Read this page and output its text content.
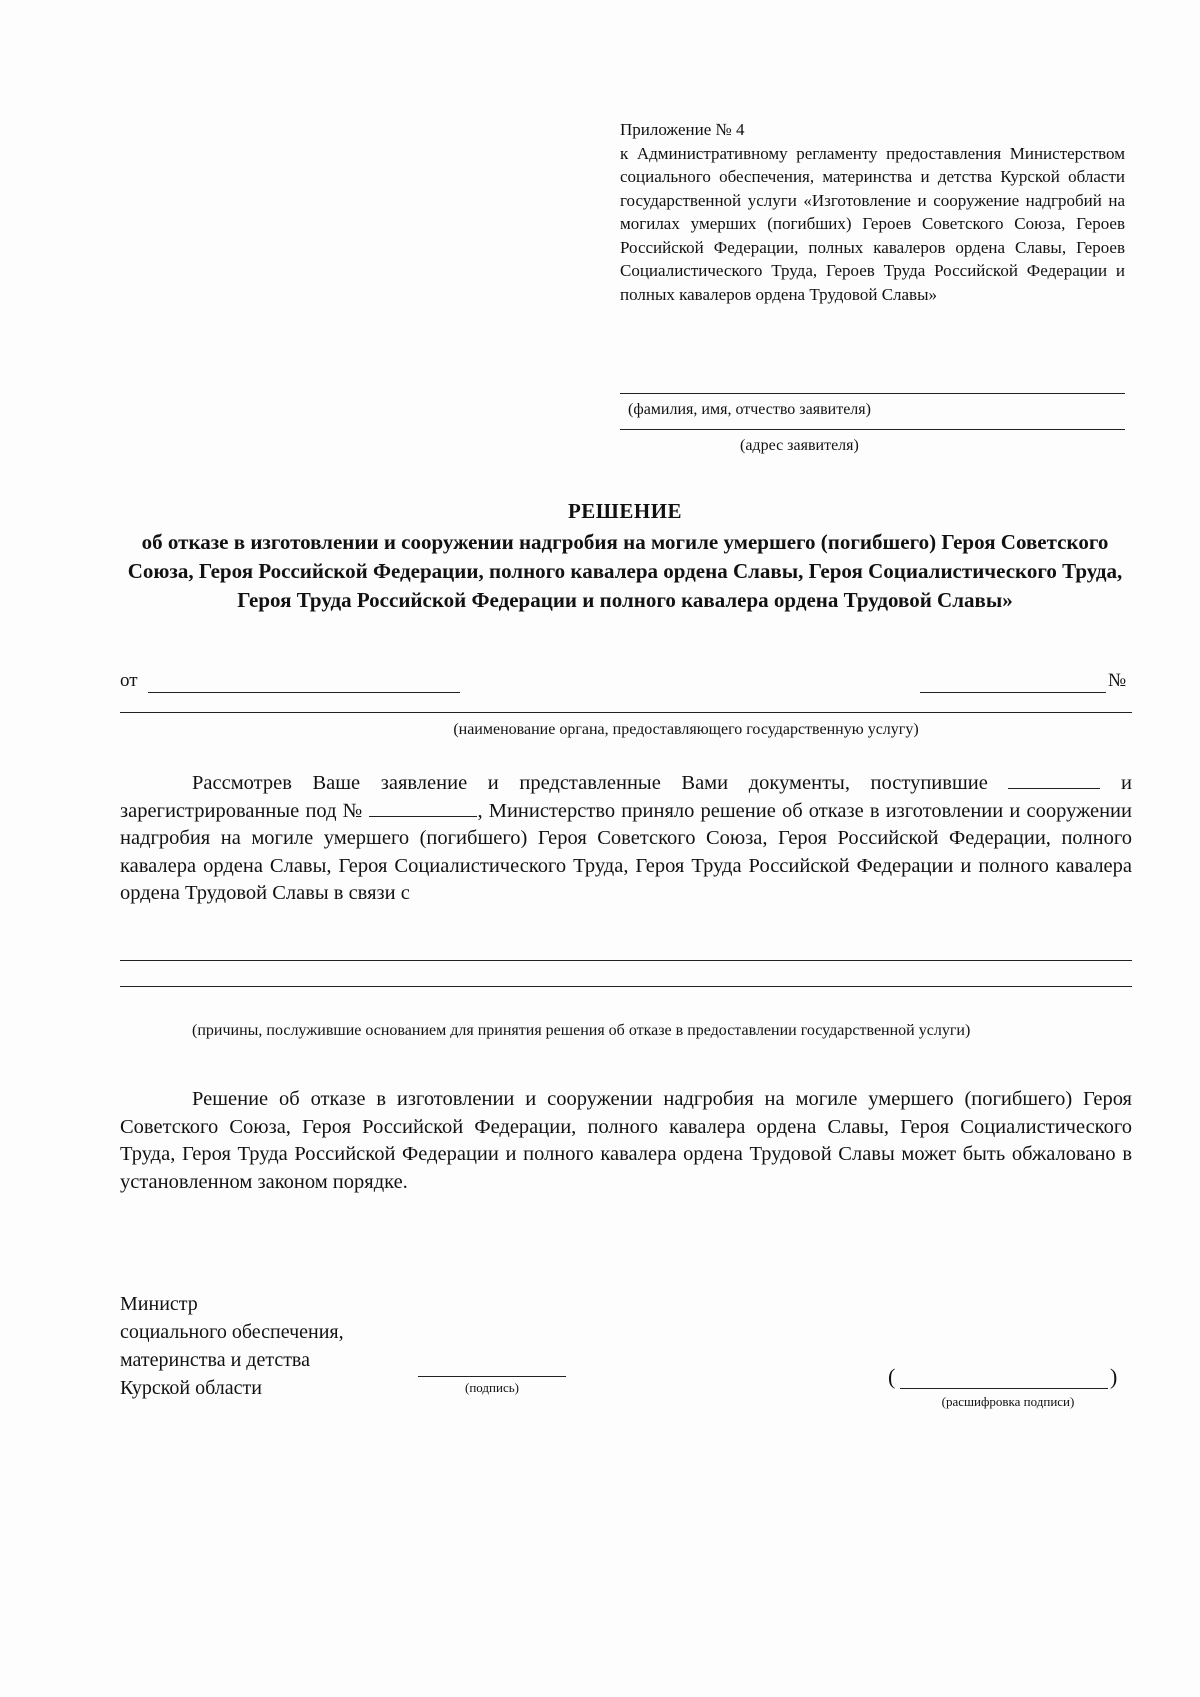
Приложение № 4
к Административному регламенту предоставления Министерством социального обеспечения, материнства и детства Курской области государственной услуги «Изготовление и сооружение надгробий на могилах умерших (погибших) Героев Советского Союза, Героев Российской Федерации, полных кавалеров ордена Славы, Героев Социалистического Труда, Героев Труда Российской Федерации и полных кавалеров ордена Трудовой Славы»
(фамилия, имя, отчество заявителя)
(адрес заявителя)
РЕШЕНИЕ
об отказе в изготовлении и сооружении надгробия на могиле умершего (погибшего) Героя Советского Союза, Героя Российской Федерации, полного кавалера ордена Славы, Героя Социалистического Труда, Героя Труда Российской Федерации и полного кавалера ордена Трудовой Славы»
от	№
(наименование органа, предоставляющего государственную услугу)

Рассмотрев Ваше заявление и представленные Вами документы, поступившие	и зарегистрированные под №	, Министерство приняло решение об отказе в изготовлении и сооружении надгробия на могиле умершего (погибшего) Героя Советского Союза, Героя Российской Федерации, полного кавалера ордена Славы, Героя Социалистического Труда, Героя Труда Российской Федерации и полного кавалера ордена Трудовой Славы в связи с

(причины, послужившие основанием для принятия решения об отказе в предоставлении государственной услуги)

Решение об отказе в изготовлении и сооружении надгробия на могиле умершего (погибшего) Героя Советского Союза, Героя Российской Федерации, полного кавалера ордена Славы, Героя Социалистического Труда, Героя Труда Российской Федерации и полного кавалера ордена Трудовой Славы может быть обжаловано в установленном законом порядке.

Министр
социального обеспечения,
материнства и детства
Курской области	(подпись)	(	)
(расшифровка подписи)
